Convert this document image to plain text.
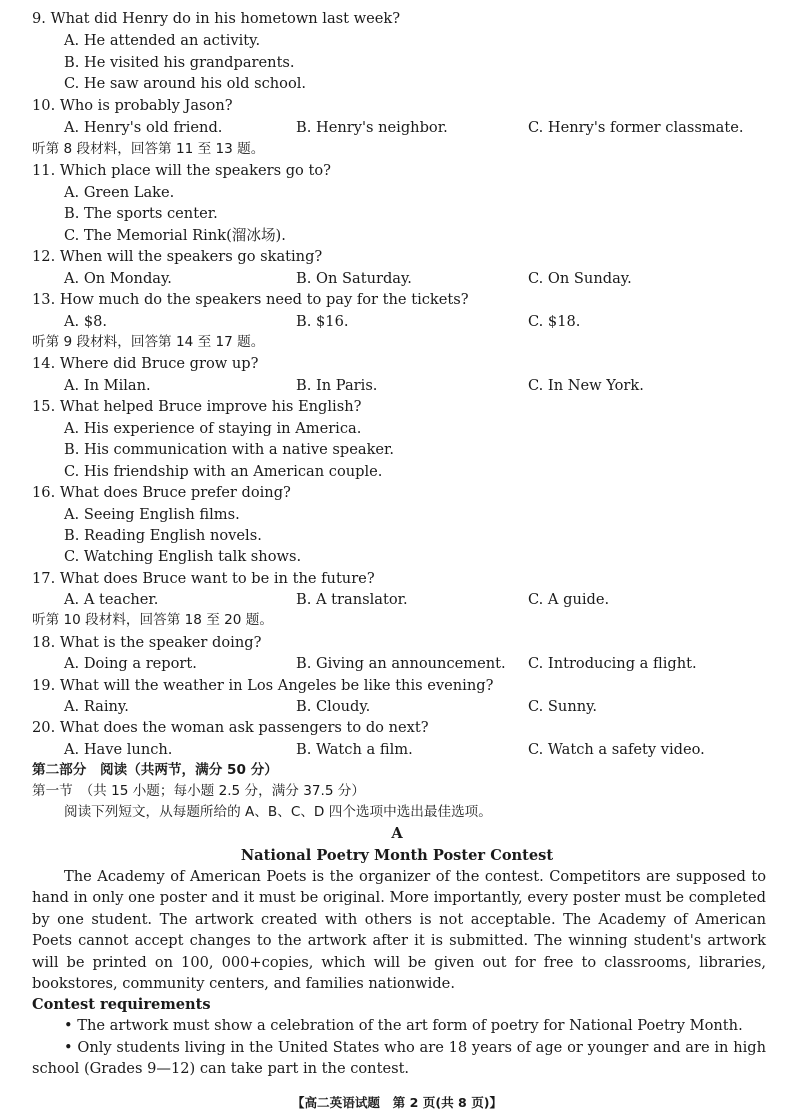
9. What did Henry do in his hometown last week?
A. He attended an activity.
B. He visited his grandparents.
C. He saw around his old school.
10. Who is probably Jason?
A. Henry's old friend.	B. Henry's neighbor.	C. Henry's former classmate.
听第 8 段材料，回答第 11 至 13 题。
11. Which place will the speakers go to?
A. Green Lake.
B. The sports center.
C. The Memorial Rink(溜冰场).
12. When will the speakers go skating?
A. On Monday.	B. On Saturday.	C. On Sunday.
13. How much do the speakers need to pay for the tickets?
A. $8.	B. $16.	C. $18.
听第 9 段材料，回答第 14 至 17 题。
14. Where did Bruce grow up?
A. In Milan.	B. In Paris.	C. In New York.
15. What helped Bruce improve his English?
A. His experience of staying in America.
B. His communication with a native speaker.
C. His friendship with an American couple.
16. What does Bruce prefer doing?
A. Seeing English films.
B. Reading English novels.
C. Watching English talk shows.
17. What does Bruce want to be in the future?
A. A teacher.	B. A translator.	C. A guide.
听第 10 段材料，回答第 18 至 20 题。
18. What is the speaker doing?
A. Doing a report.	B. Giving an announcement. C. Introducing a flight.
19. What will the weather in Los Angeles be like this evening?
A. Rainy.	B. Cloudy.	C. Sunny.
20. What does the woman ask passengers to do next?
A. Have lunch.	B. Watch a film.	C. Watch a safety video.
第二部分　阅读（共两节，满分 50 分）
第一节　（共 15 小题；每小题 2.5 分，满分 37.5 分）
阅读下列短文，从每题所给的 A、B、C、D 四个选项中选出最佳选项。
A
National Poetry Month Poster Contest
The Academy of American Poets is the organizer of the contest. Competitors are supposed to hand in only one poster and it must be original. More importantly, every poster must be completed by one student. The artwork created with others is not acceptable. The Academy of American Poets cannot accept changes to the artwork after it is submitted. The winning student's artwork will be printed on 100, 000+copies, which will be given out for free to classrooms, libraries, bookstores, community centers, and families nationwide.
Contest requirements
• The artwork must show a celebration of the art form of poetry for National Poetry Month.
• Only students living in the United States who are 18 years of age or younger and are in high school (Grades 9—12) can take part in the contest.
【高二英语试题　第 2 页(共 8 页)】
